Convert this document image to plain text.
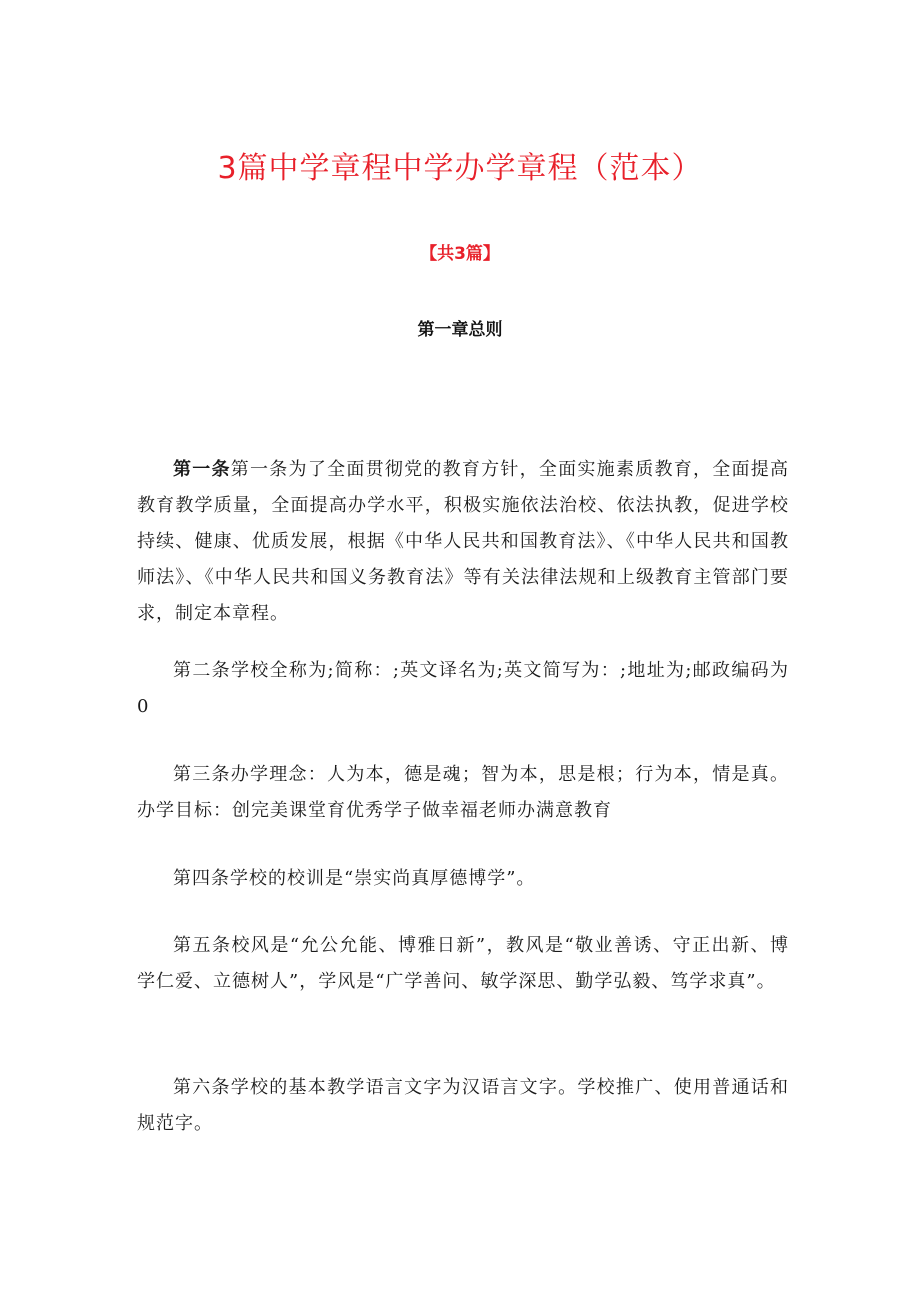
3篇中学章程中学办学章程（范本）
【共3篇】
第一章总则

第一条第一条为了全面贯彻党的教育方针，全面实施素质教育，全面提高教育教学质量，全面提高办学水平，积极实施依法治校、依法执教，促进学校持续、健康、优质发展，根据《中华人民共和国教育法》、《中华人民共和国教师法》、《中华人民共和国义务教育法》等有关法律法规和上级教育主管部门要求，制定本章程。

第二条学校全称为;简称：;英文译名为;英文简写为：;地址为;邮政编码为0

第三条办学理念：人为本，德是魂；智为本，思是根；行为本，情是真。办学目标：创完美课堂育优秀学子做幸福老师办满意教育

第四条学校的校训是“崇实尚真厚德博学”。

第五条校风是“允公允能、博雅日新”，教风是“敬业善诱、守正出新、博学仁爱、立德树人”，学风是“广学善问、敏学深思、勤学弘毅、笃学求真”。

第六条学校的基本教学语言文字为汉语言文字。学校推广、使用普通话和规范字。
